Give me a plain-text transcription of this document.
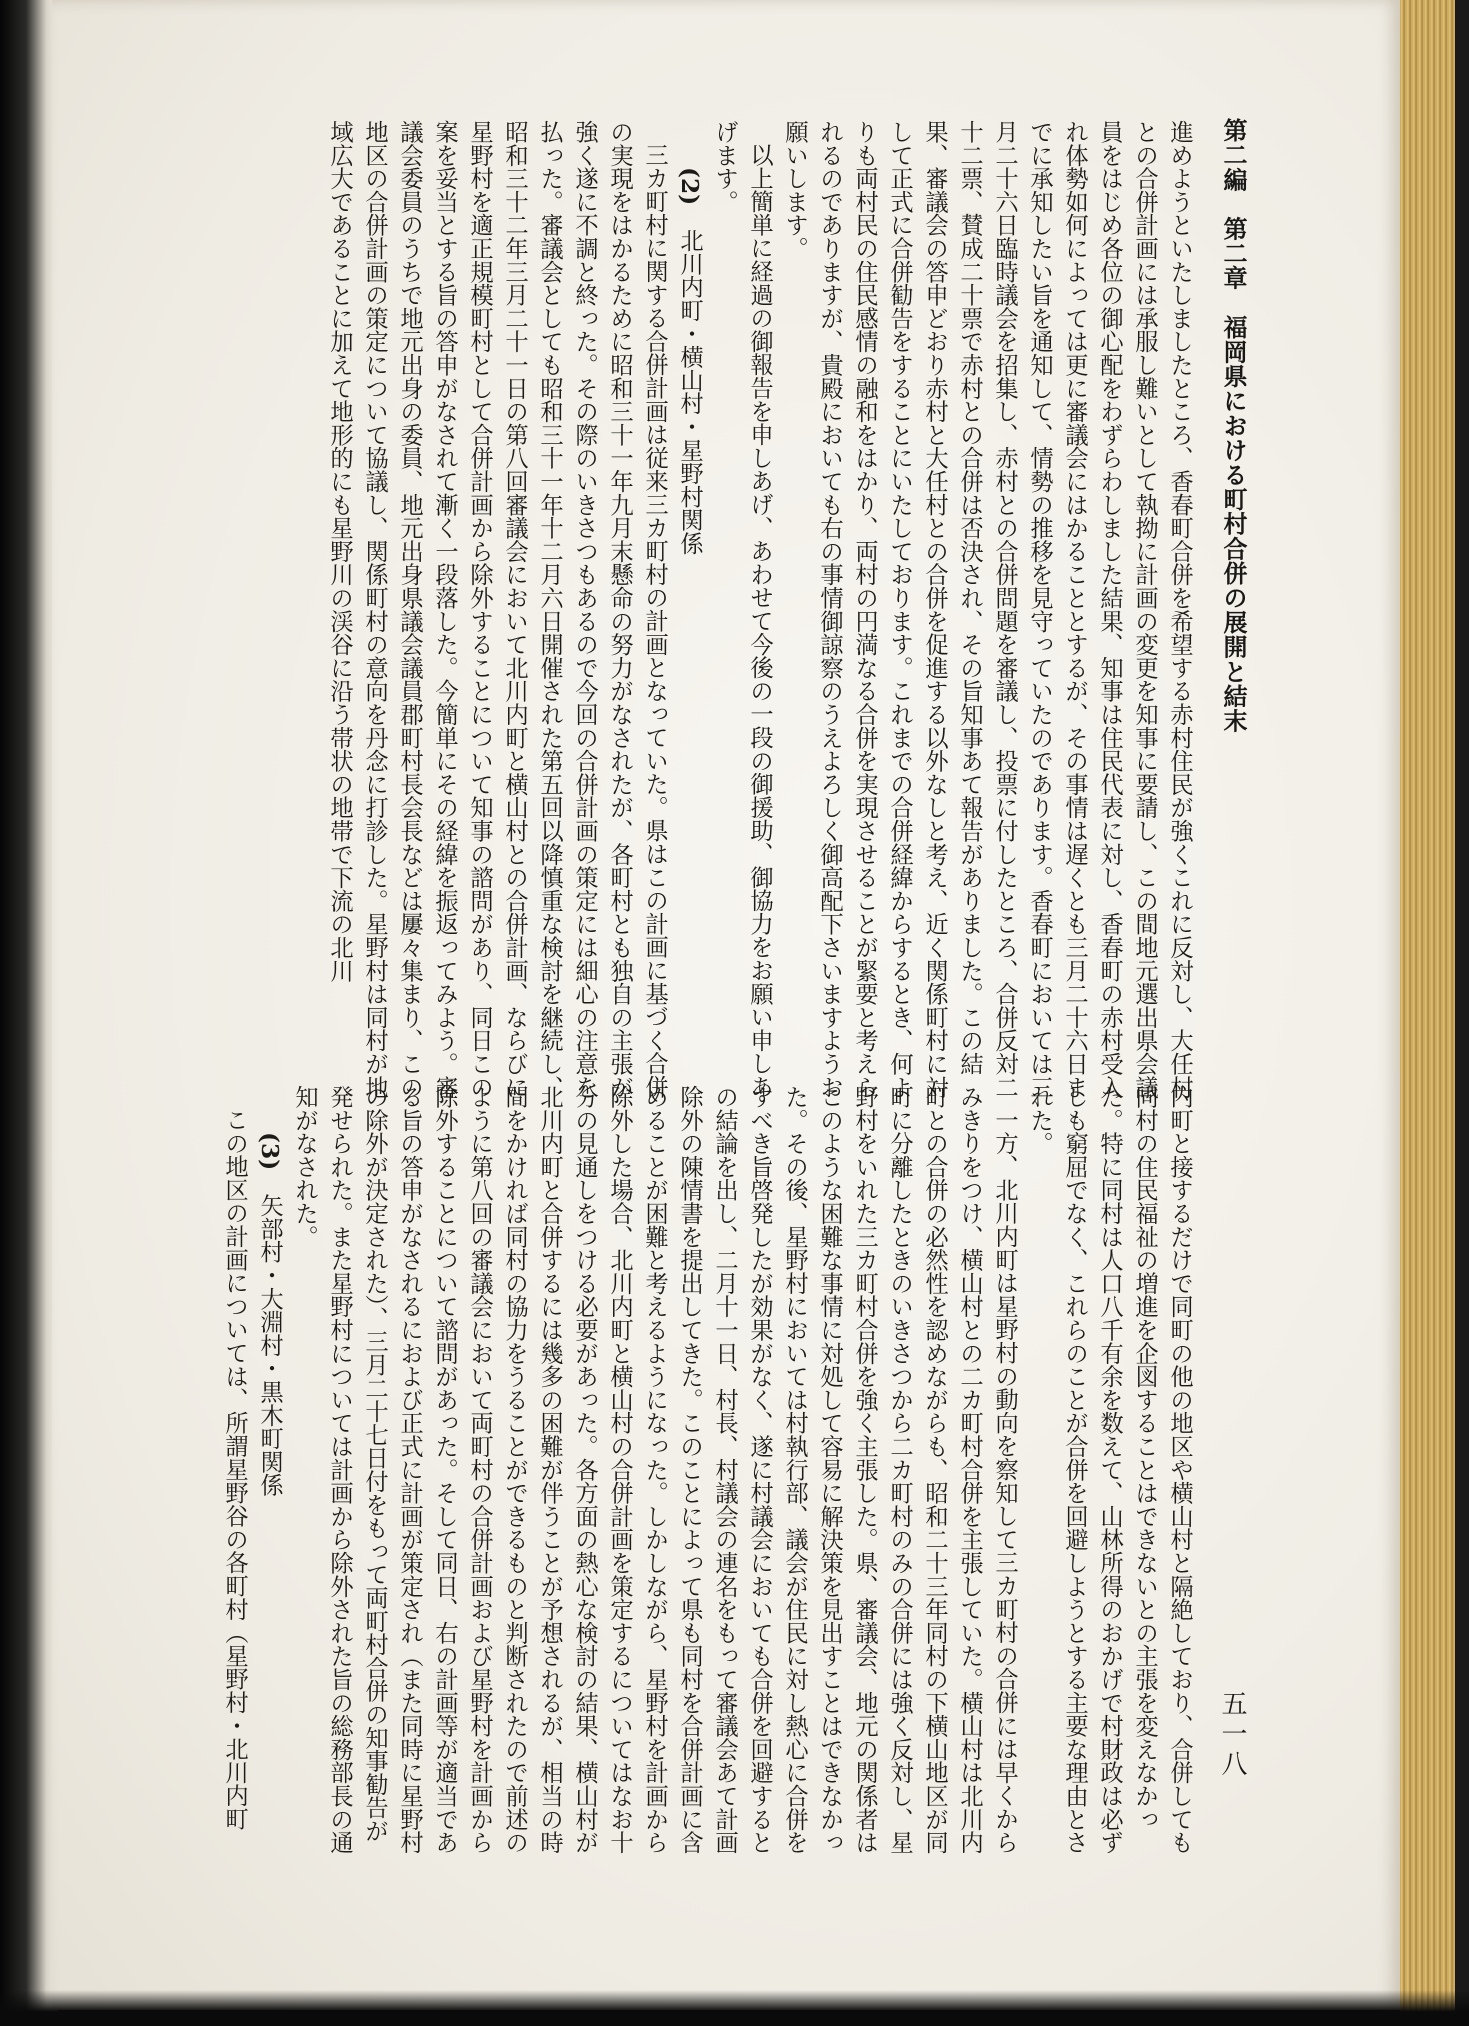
第二編　第二章　福岡県における町村合併の展開と結末
五一八
進めようといたしましたところ、香春町合併を希望する赤村住民が強くこれに反対し、大任村との合併計画には承服し難いとして執拗に計画の変更を知事に要請し、この間地元選出県会議員をはじめ各位の御心配をわずらわしました結果、知事は住民代表に対し、香春町の赤村受入れ体勢如何によっては更に審議会にはかることとするが、その事情は遅くとも三月二十六日までに承知したい旨を通知して、情勢の推移を見守っていたのであります。香春町においては三月二十六日臨時議会を招集し、赤村との合併問題を審議し、投票に付したところ、合併反対二十二票、賛成二十票で赤村との合併は否決され、その旨知事あて報告がありました。この結果、審議会の答申どおり赤村と大任村との合併を促進する以外なしと考え、近く関係町村に対して正式に合併勧告をすることにいたしております。これまでの合併経緯からするとき、何よりも両村民の住民感情の融和をはかり、両村の円満なる合併を実現させることが緊要と考えられるのでありますが、貴殿においても右の事情御諒察のうえよろしく御高配下さいますようお願いします。
以上簡単に経過の御報告を申しあげ、あわせて今後の一段の御援助、御協力をお願い申しあげます。
(2)　北川内町・横山村・星野村関係
三カ町村に関する合併計画は従来三カ町村の計画となっていた。県はこの計画に基づく合併の実現をはかるために昭和三十一年九月末懸命の努力がなされたが、各町村とも独自の主張が強く遂に不調と終った。その際のいきさつもあるので今回の合併計画の策定には細心の注意を払った。審議会としても昭和三十一年十二月六日開催された第五回以降慎重な検討を継続し、昭和三十二年三月二十一日の第八回審議会において北川内町と横山村との合併計画、ならびに星野村を適正規模町村として合併計画から除外することについて知事の諮問があり、同日この案を妥当とする旨の答申がなされて漸く一段落した。今簡単にその経緯を振返ってみよう。審議会委員のうちで地元出身の委員、地元出身県議会議員郡町村長会長などは屢々集まり、この地区の合併計画の策定について協議し、関係町村の意向を丹念に打診した。星野村は同村が地域広大であることに加えて地形的にも星野川の渓谷に沿う帯状の地帯で下流の北川
内町と接するだけで同町の他の地区や横山村と隔絶しており、合併しても同村の住民福祉の増進を企図することはできないとの主張を変えなかった。特に同村は人口八千有余を数えて、山林所得のおかげで村財政は必ずしも窮屈でなく、これらのことが合併を回避しようとする主要な理由とされた。
一方、北川内町は星野村の動向を察知して三カ町村の合併には早くからみきりをつけ、横山村との二カ町村合併を主張していた。横山村は北川内町との合併の必然性を認めながらも、昭和二十三年同村の下横山地区が同町に分離したときのいきさつから二カ町村のみの合併には強く反対し、星野村をいれた三カ町村合併を強く主張した。県、審議会、地元の関係者はこのような困難な事情に対処して容易に解決策を見出すことはできなかった。その後、星野村においては村執行部、議会が住民に対し熱心に合併をすべき旨啓発したが効果がなく、遂に村議会においても合併を回避するとの結論を出し、二月十一日、村長、村議会の連名をもって審議会あて計画除外の陳情書を提出してきた。このことによって県も同村を合併計画に含めることが困難と考えるようになった。しかしながら、星野村を計画から除外した場合、北川内町と横山村の合併計画を策定するについてはなお十分の見通しをつける必要があった。各方面の熱心な検討の結果、横山村が北川内町と合併するには幾多の困難が伴うことが予想されるが、相当の時間をかければ同村の協力をうることができるものと判断されたので前述のように第八回の審議会において両町村の合併計画および星野村を計画から除外することについて諮問があった。そして同日、右の計画等が適当である旨の答申がなされるにおよび正式に計画が策定され（また同時に星野村の除外が決定された）、三月二十七日付をもって両町村合併の知事勧告が発せられた。また星野村については計画から除外された旨の総務部長の通知がなされた。
(3)　矢部村・大淵村・黒木町関係
この地区の計画については、所謂星野谷の各町村（星野村・北川内町
